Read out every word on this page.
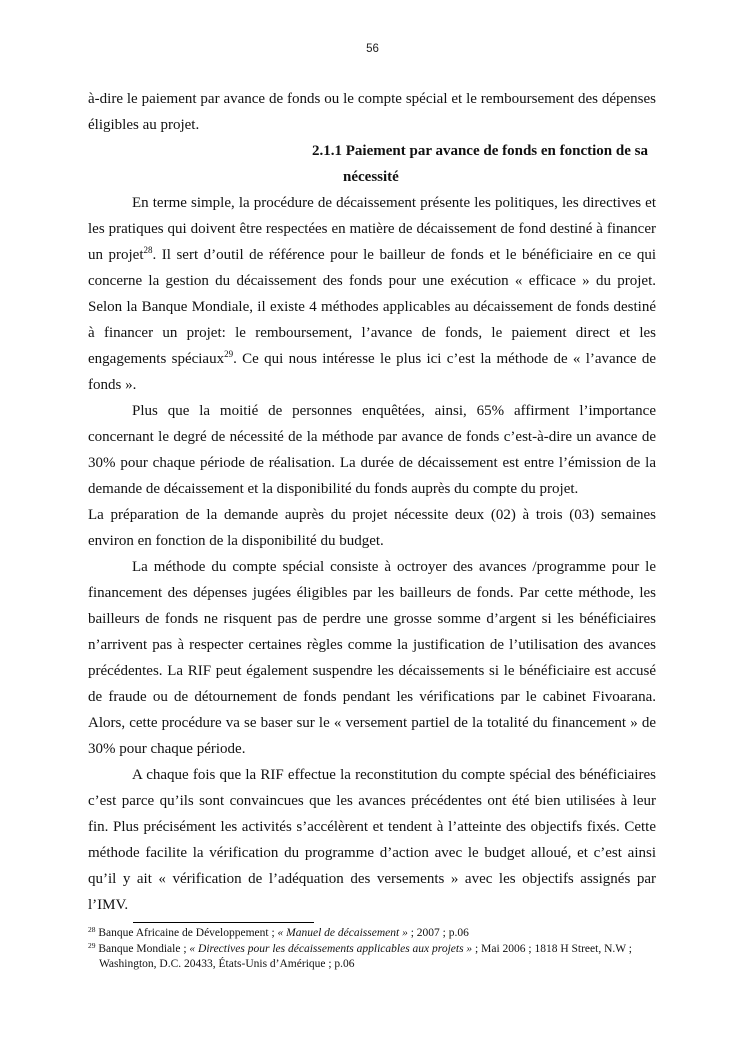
56

à-dire le paiement par avance de fonds ou le compte spécial et le remboursement des dépenses éligibles au projet.

2.1.1 Paiement par avance de fonds en fonction de sa
nécessité

En terme simple, la procédure de décaissement présente les politiques, les directives et les pratiques qui doivent être respectées en matière de décaissement de fond destiné à financer un projet$^{28}$. Il sert d’outil de référence pour le bailleur de fonds et le bénéficiaire en ce qui concerne la gestion du décaissement des fonds pour une exécution « efficace » du projet. Selon la Banque Mondiale, il existe 4 méthodes applicables au décaissement de fonds destiné à financer un projet: le remboursement, l’avance de fonds, le paiement direct et les engagements spéciaux$^{29}$. Ce qui nous intéresse le plus ici c’est la méthode de « l’avance de fonds ».

Plus que la moitié de personnes enquêtées, ainsi, 65% affirment l’importance concernant le degré de nécessité de la méthode par avance de fonds c’est-à-dire un avance de 30% pour chaque période de réalisation. La durée de décaissement est entre l’émission de la demande de décaissement et la disponibilité du fonds auprès du compte du projet.

La préparation de la demande auprès du projet nécessite deux (02) à trois (03) semaines environ en fonction de la disponibilité du budget.

La méthode du compte spécial consiste à octroyer des avances /programme pour le financement des dépenses jugées éligibles par les bailleurs de fonds. Par cette méthode, les bailleurs de fonds ne risquent pas de perdre une grosse somme d’argent si les bénéficiaires n’arrivent pas à respecter certaines règles comme la justification de l’utilisation des avances précédentes. La RIF peut également suspendre les décaissements si le bénéficiaire est accusé de fraude ou de détournement de fonds pendant les vérifications par le cabinet Fivoarana. Alors, cette procédure va se baser sur le « versement partiel de la totalité du financement » de 30% pour chaque période.

A chaque fois que la RIF effectue la reconstitution du compte spécial des bénéficiaires c’est parce qu’ils sont convaincues que les avances précédentes ont été bien utilisées à leur fin. Plus précisément les activités s’accélèrent et tendent à l’atteinte des objectifs fixés. Cette méthode facilite la vérification du programme d’action avec le budget alloué, et c’est ainsi qu’il y ait « vérification de l’adéquation des versements » avec les objectifs assignés par l’IMV.

$^{28}$ Banque Africaine de Développement ; « Manuel de décaissement » ; 2007 ; p.06

$^{29}$ Banque Mondiale ; « Directives pour les décaissements applicables aux projets » ; Mai 2006 ; 1818 H Street, N.W ; Washington, D.C. 20433, États-Unis d’Amérique ; p.06
